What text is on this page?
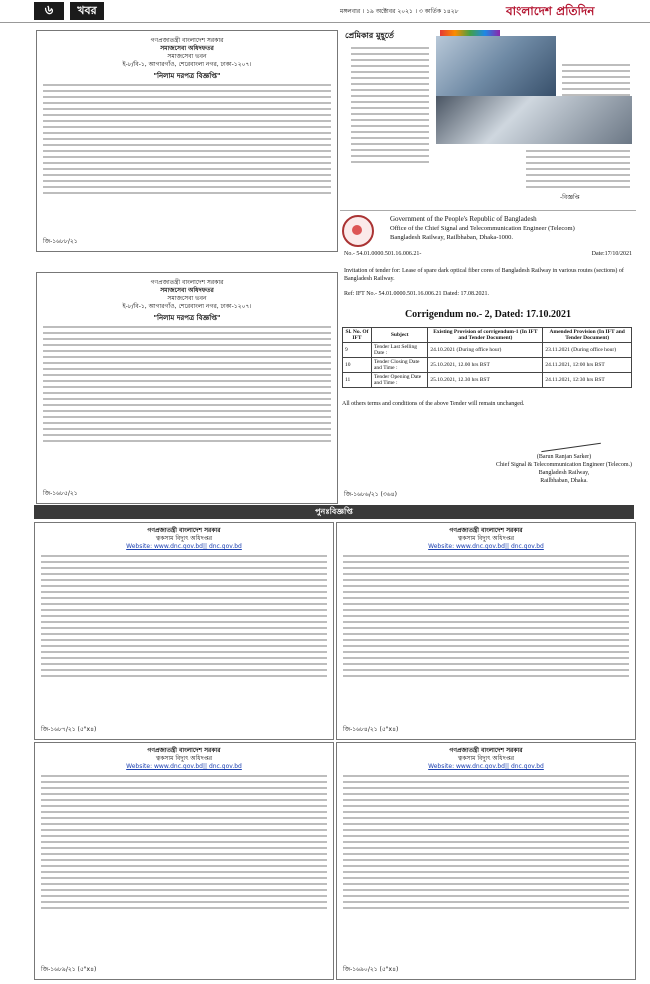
৬	খবর	মঙ্গলবার । ১৯ অক্টোবর ২০২১ । ৩ কার্তিক ১৪২৮	বাংলাদেশ প্রতিদিন
গণপ্রজাতন্ত্রী বাংলাদেশ সরকার
সমাজসেবা অধিদফতর
সমাজসেবা ভবন
ই-৮/বি-১, আগারগাঁও, শেরেবাংলা নগর, ঢাকা-১২০৭।
"নিলাম দরপত্র বিজ্ঞপ্তি"
জি-১৬৮৮/২১
গণপ্রজাতন্ত্রী বাংলাদেশ সরকার
সমাজসেবা অধিদফতর
সমাজসেবা ভবন
ই-৮/বি-১, আগারগাঁও, শেরেবাংলা নগর, ঢাকা-১২০৭।
"নিলাম দরপত্র বিজ্ঞপ্তি"
জি-১৬৮৫/২১
প্রেমিকার মুহূর্তে
-বিজ্ঞপ্তি
Government of the People's Republic of Bangladesh
Office of the Chief Signal and Telecommunication Engineer (Telecom)
Bangladesh Railway, Railbhaban, Dhaka-1000.
No.- 54.01.0000.501.16.006.21-	Date:17/10/2021
Invitation of tender for: Lease of spare dark optical fiber cores of Bangladesh Railway in various routes (sections) of Bangladesh Railway.
Ref: IFT No.- 54.01.0000.501.16.006.21 Dated: 17.08.2021.
Corrigendum no.- 2, Dated: 17.10.2021
Sl. No. Of IFT	Subject	Existing Provision of corrigendum-1 (In IFT and Tender Document)	Amended Provision (In IFT and Tender Document)
9	Tender Last Selling Date :	24.10.2021 (During office hour)	23.11.2021 (During office hour)
10	Tender Closing Date and Time :	25.10.2021, 12.00 hrs BST	24.11.2021, 12:00 hrs BST
11	Tender Opening Date and Time :	25.10.2021, 12.30 hrs BST	24.11.2021, 12:30 hrs BST
All others terms and conditions of the above Tender will remain unchanged.
(Barun Ranjan Sarker)
Chief Signal & Telecommunication Engineer (Telecom.)
Bangladesh Railway,
Railbhaban, Dhaka.
জি-১৬৮৬/২১ (৩৬৪)
পুনঃবিজ্ঞপ্তি
গণপ্রজাতন্ত্রী বাংলাদেশ সরকার
ত্বকসাম বিদ্যুৎ অধিদপ্তর
Website: www.dnc.gov.bd|| dnc.gov.bd
জি-১৬৮৭/২১ (৫"x৪)
গণপ্রজাতন্ত্রী বাংলাদেশ সরকার
ত্বকসাম বিদ্যুৎ অধিদপ্তর
Website: www.dnc.gov.bd|| dnc.gov.bd
জি-১৬৮৪/২১ (৫"x৪)
গণপ্রজাতন্ত্রী বাংলাদেশ সরকার
ত্বকসাম বিদ্যুৎ অধিদপ্তর
Website: www.dnc.gov.bd|| dnc.gov.bd
জি-১৬৮৯/২১ (৫"x৪)
গণপ্রজাতন্ত্রী বাংলাদেশ সরকার
ত্বকসাম বিদ্যুৎ অধিদপ্তর
Website: www.dnc.gov.bd|| dnc.gov.bd
জি-১৬৯০/২১ (৫"x৪)
